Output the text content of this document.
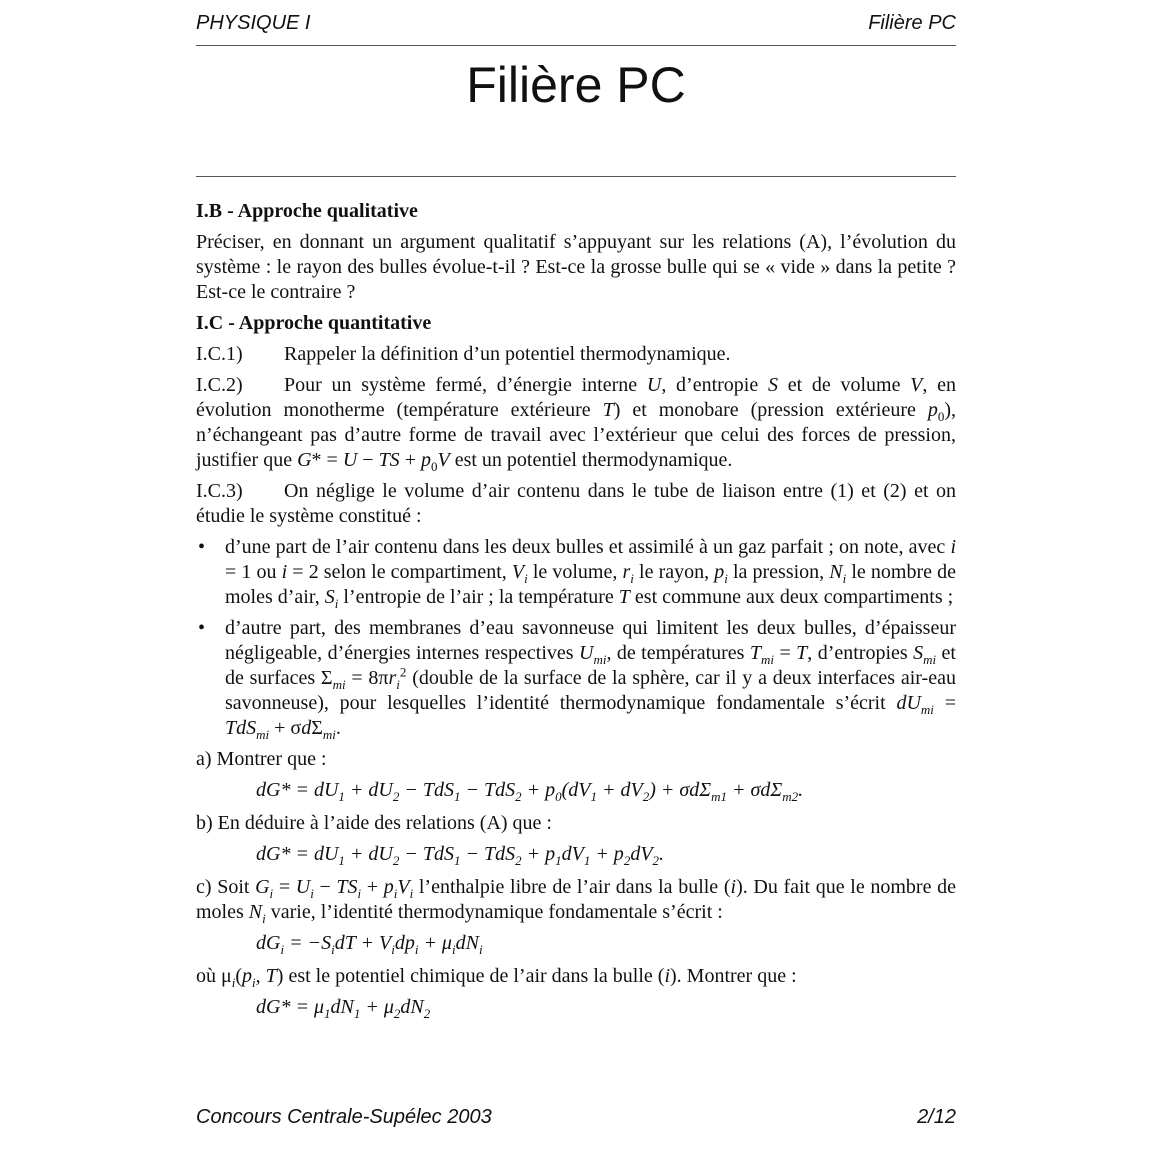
PHYSIQUE I	Filière PC
Filière PC
I.B - Approche qualitative

Préciser, en donnant un argument qualitatif s’appuyant sur les relations (A), l’évolution du système : le rayon des bulles évolue-t-il ? Est-ce la grosse bulle qui se « vide » dans la petite ? Est-ce le contraire ?

I.C - Approche quantitative

I.C.1) Rappeler la définition d’un potentiel thermodynamique.

I.C.2) Pour un système fermé, d’énergie interne U, d’entropie S et de volume V, en évolution monotherme (température extérieure T) et monobare (pression extérieure $p_0$), n’échangeant pas d’autre forme de travail avec l’extérieur que celui des forces de pression, justifier que G* = U − TS + $p_0V$ est un potentiel thermodynamique.

I.C.3) On néglige le volume d’air contenu dans le tube de liaison entre (1) et (2) et on étudie le système constitué :

• d’une part de l’air contenu dans les deux bulles et assimilé à un gaz parfait ; on note, avec i = 1 ou i = 2 selon le compartiment, $V_i$ le volume, $r_i$ le rayon, $p_i$ la pression, $N_i$ le nombre de moles d’air, $S_i$ l’entropie de l’air ; la température T est commune aux deux compartiments ;
• d’autre part, des membranes d’eau savonneuse qui limitent les deux bulles, d’épaisseur négligeable, d’énergies internes respectives $U_{mi}$, de températures $T_{mi} = T$, d’entropies $S_{mi}$ et de surfaces $\Sigma_{mi} = 8\pi r_i^2$ (double de la surface de la sphère, car il y a deux interfaces air-eau savonneuse), pour lesquelles l’identité thermodynamique fondamentale s’écrit $dU_{mi} = TdS_{mi} + \sigma d\Sigma_{mi}$.

a) Montrer que :

$dG* = dU_1 + dU_2 - TdS_1 - TdS_2 + p_0(dV_1 + dV_2) + \sigma d\Sigma_{m1} + \sigma d\Sigma_{m2}$.

b) En déduire à l’aide des relations (A) que :

$dG* = dU_1 + dU_2 - TdS_1 - TdS_2 + p_1dV_1 + p_2dV_2$.

c) Soit $G_i = U_i - TS_i + p_iV_i$ l’enthalpie libre de l’air dans la bulle (i). Du fait que le nombre de moles $N_i$ varie, l’identité thermodynamique fondamentale s’écrit :

$dG_i = -S_idT + V_idp_i + \mu_idN_i$

où $\mu_i(p_i$, T) est le potentiel chimique de l’air dans la bulle (i). Montrer que :

$dG* = \mu_1dN_1 + \mu_2dN_2$
Concours Centrale-Supélec 2003	2/12
